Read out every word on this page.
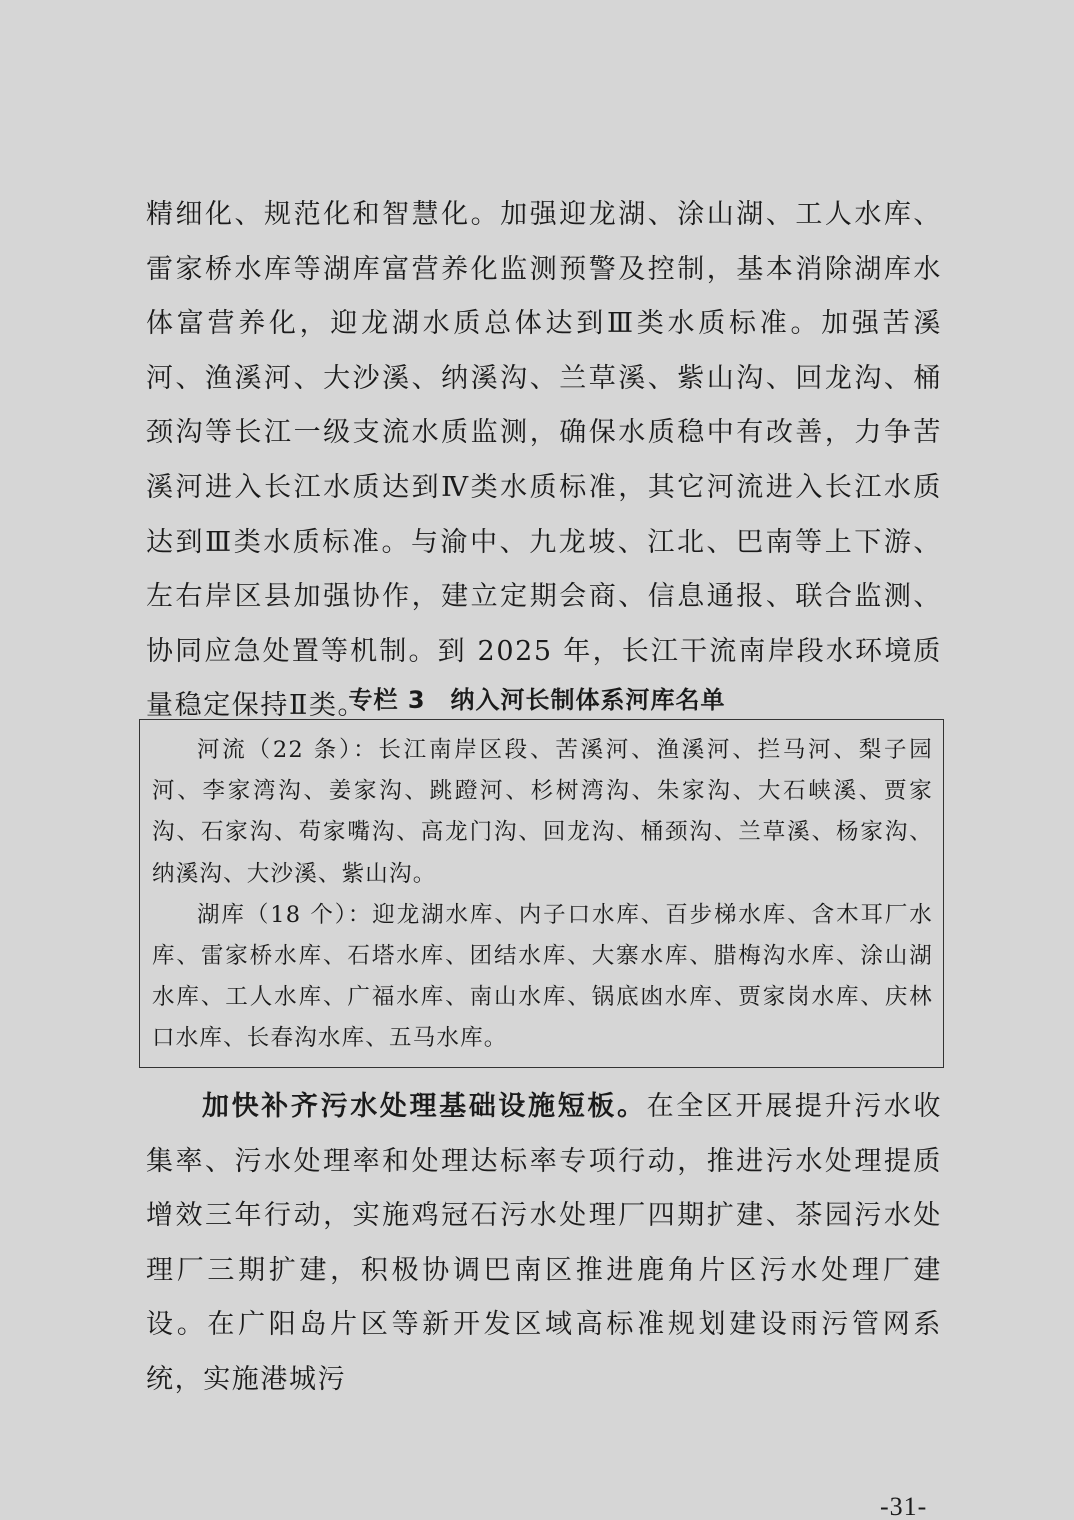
精细化、规范化和智慧化。加强迎龙湖、涂山湖、工人水库、雷家桥水库等湖库富营养化监测预警及控制，基本消除湖库水体富营养化，迎龙湖水质总体达到Ⅲ类水质标准。加强苦溪河、渔溪河、大沙溪、纳溪沟、兰草溪、紫山沟、回龙沟、桶颈沟等长江一级支流水质监测，确保水质稳中有改善，力争苦溪河进入长江水质达到Ⅳ类水质标准，其它河流进入长江水质达到Ⅲ类水质标准。与渝中、九龙坡、江北、巴南等上下游、左右岸区县加强协作，建立定期会商、信息通报、联合监测、协同应急处置等机制。到 2025 年，长江干流南岸段水环境质量稳定保持Ⅱ类。

专栏 3　纳入河长制体系河库名单

河流（22 条）：长江南岸区段、苦溪河、渔溪河、拦马河、梨子园河、李家湾沟、姜家沟、跳蹬河、杉树湾沟、朱家沟、大石峡溪、贾家沟、石家沟、苟家嘴沟、高龙门沟、回龙沟、桶颈沟、兰草溪、杨家沟、纳溪沟、大沙溪、紫山沟。

湖库（18 个）：迎龙湖水库、内子口水库、百步梯水库、含木耳厂水库、雷家桥水库、石塔水库、团结水库、大寨水库、腊梅沟水库、涂山湖水库、工人水库、广福水库、南山水库、锅底凼水库、贾家岗水库、庆林口水库、长春沟水库、五马水库。

加快补齐污水处理基础设施短板。在全区开展提升污水收集率、污水处理率和处理达标率专项行动，推进污水处理提质增效三年行动，实施鸡冠石污水处理厂四期扩建、茶园污水处理厂三期扩建，积极协调巴南区推进鹿角片区污水处理厂建设。在广阳岛片区等新开发区域高标准规划建设雨污管网系统，实施港城污

-31-
